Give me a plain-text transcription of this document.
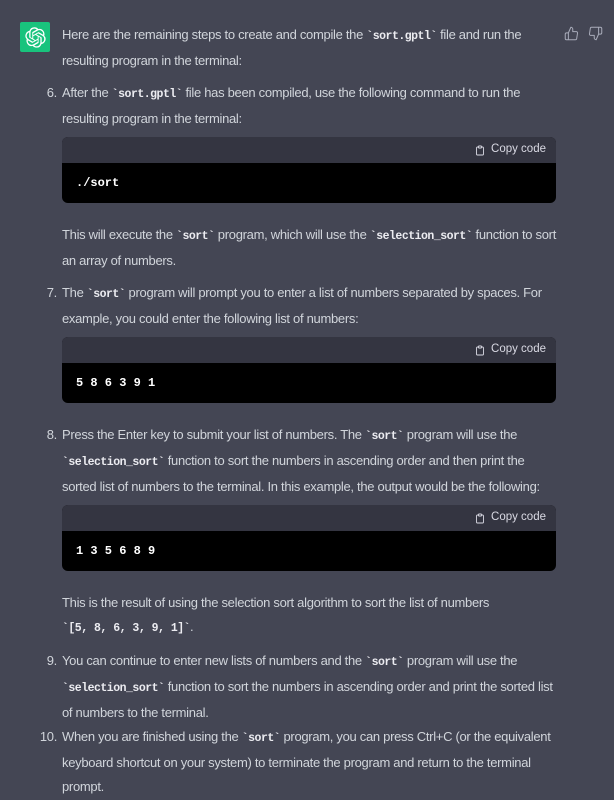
Here are the remaining steps to create and compile the `sort.gptl` file and run the resulting program in the terminal:

6. After the `sort.gptl` file has been compiled, use the following command to run the resulting program in the terminal:
Copy code
./sort

This will execute the `sort` program, which will use the `selection_sort` function to sort an array of numbers.

7. The `sort` program will prompt you to enter a list of numbers separated by spaces. For example, you could enter the following list of numbers:
Copy code
5 8 6 3 9 1
8. Press the Enter key to submit your list of numbers. The `sort` program will use the `selection_sort` function to sort the numbers in ascending order and then print the sorted list of numbers to the terminal. In this example, the output would be the following:
Copy code
1 3 5 6 8 9

This is the result of using the selection sort algorithm to sort the list of numbers `[5, 8, 6, 3, 9, 1]`.

9. You can continue to enter new lists of numbers and the `sort` program will use the `selection_sort` function to sort the numbers in ascending order and print the sorted list of numbers to the terminal.
10. When you are finished using the `sort` program, you can press Ctrl+C (or the equivalent keyboard shortcut on your system) to terminate the program and return to the terminal prompt.
